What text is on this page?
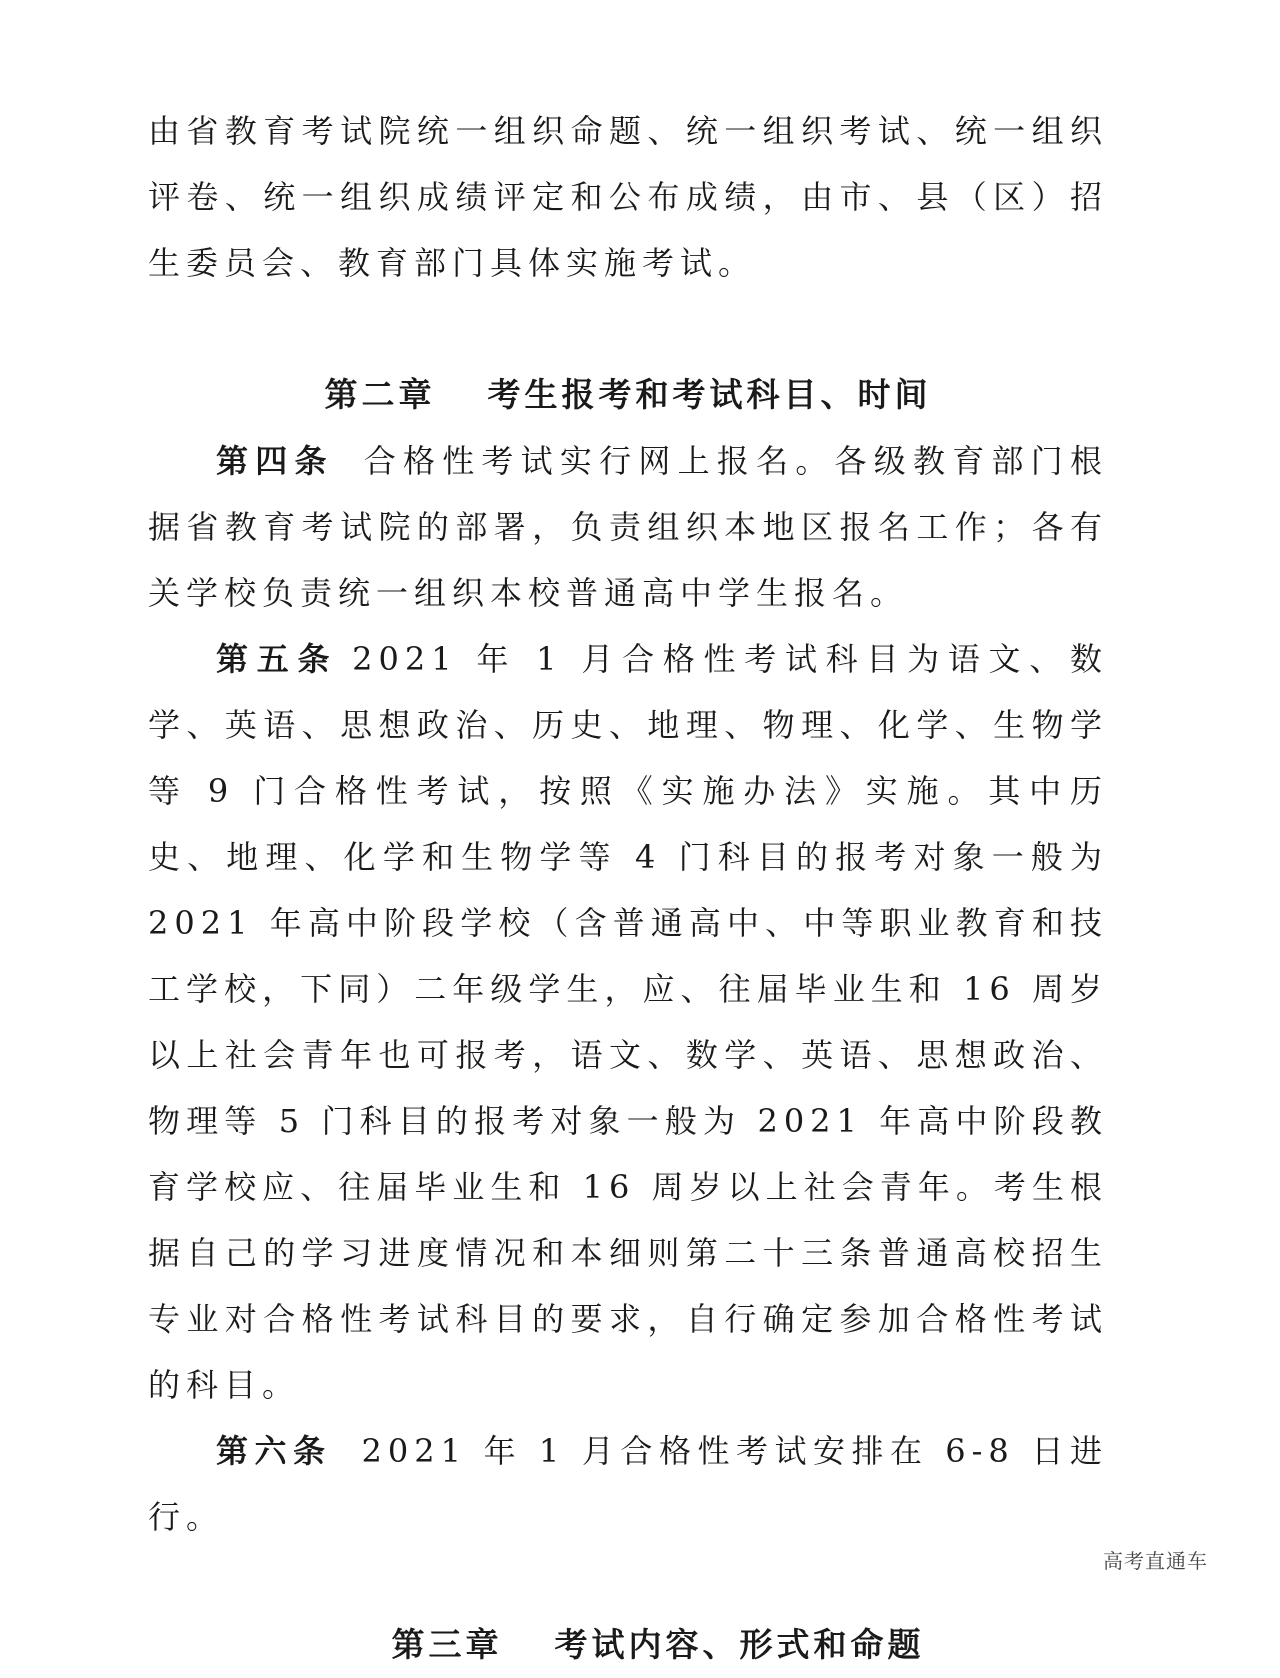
由省教育考试院统一组织命题、统一组织考试、统一组织评卷、统一组织成绩评定和公布成绩，由市、县（区）招生委员会、教育部门具体实施考试。

第二章 考生报考和考试科目、时间

第四条 合格性考试实行网上报名。各级教育部门根据省教育考试院的部署，负责组织本地区报名工作；各有关学校负责统一组织本校普通高中学生报名。

第五条 2021 年 1 月合格性考试科目为语文、数学、英语、思想政治、历史、地理、物理、化学、生物学等 9 门合格性考试，按照《实施办法》实施。其中历史、地理、化学和生物学等 4 门科目的报考对象一般为 2021 年高中阶段学校（含普通高中、中等职业教育和技工学校，下同）二年级学生，应、往届毕业生和 16 周岁以上社会青年也可报考，语文、数学、英语、思想政治、物理等 5 门科目的报考对象一般为 2021 年高中阶段教育学校应、往届毕业生和 16 周岁以上社会青年。考生根据自己的学习进度情况和本细则第二十三条普通高校招生专业对合格性考试科目的要求，自行确定参加合格性考试的科目。

第六条 2021 年 1 月合格性考试安排在 6-8 日进行。

第三章 考试内容、形式和命题
高考直通车
